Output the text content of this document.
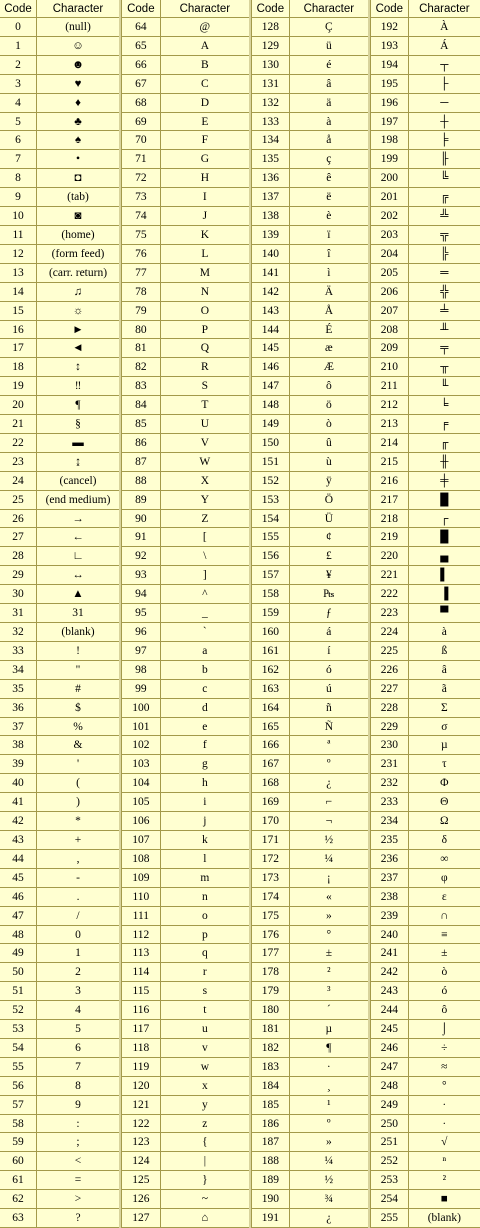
Code	Character
0	(null)
1	☺
2	☻
3	♥
4	♦
5	♣
6	♠
7	•
8	◘
9	(tab)
10	◙
11	(home)
12	(form feed)
13	(carr. return)
14	♫
15	☼
16	►
17	◄
18	↕
19	‼
20	¶
21	§
22	▬
23	↨
24	(cancel)
25	(end medium)
26	→
27	←
28	∟
29	↔
30	▲
31	31
32	(blank)
33	!
34	"
35	#
36	$
37	%
38	&
39	'
40	(
41	)
42	*
43	+
44	,
45	-
46	.
47	/
48	0
49	1
50	2
51	3
52	4
53	5
54	6
55	7
56	8
57	9
58	:
59	;
60	<
61	=
62	>
63	?
Code	Character
64	@
65	A
66	B
67	C
68	D
69	E
70	F
71	G
72	H
73	I
74	J
75	K
76	L
77	M
78	N
79	O
80	P
81	Q
82	R
83	S
84	T
85	U
86	V
87	W
88	X
89	Y
90	Z
91	[
92	\
93	]
94	^
95	_
96	`
97	a
98	b
99	c
100	d
101	e
102	f
103	g
104	h
105	i
106	j
107	k
108	l
109	m
110	n
111	o
112	p
113	q
114	r
115	s
116	t
117	u
118	v
119	w
120	x
121	y
122	z
123	{
124	|
125	}
126	~
127	⌂
Code	Character
128	Ç
129	ü
130	é
131	â
132	ä
133	à
134	å
135	ç
136	ê
137	ë
138	è
139	ï
140	î
141	ì
142	Ä
143	Å
144	É
145	æ
146	Æ
147	ô
148	ö
149	ò
150	û
151	ù
152	ÿ
153	Ö
154	Ü
155	¢
156	£
157	¥
158	₧
159	ƒ
160	á
161	í
162	ó
163	ú
164	ñ
165	Ñ
166	ª
167	º
168	¿
169	⌐
170	¬
171	½
172	¼
173	¡
174	«
175	»
176	°
177	±
178	²
179	³
180	´
181	µ
182	¶
183	·
184	¸
185	¹
186	º
187	»
188	¼
189	½
190	¾
191	¿
Code	Character
192	À
193	Á
194	┬
195	├
196	─
197	┼
198	╞
199	╟
200	╚
201	╔
202	╩
203	╦
204	╠
205	═
206	╬
207	╧
208	╨
209	╤
210	╥
211	╙
212	╘
213	╒
214	╓
215	╫
216	╪
217	█
218	┌
219	█
220	▄
221	▌
222	▐
223	▀
224	à
225	ß
226	â
227	ã
228	Σ
229	σ
230	µ
231	τ
232	Φ
233	Θ
234	Ω
235	δ
236	∞
237	φ
238	ε
239	∩
240	≡
241	±
242	ò
243	ó
244	ô
245	⌡
246	÷
247	≈
248	°
249	·
250	·
251	√
252	ⁿ
253	²
254	■
255	(blank)
